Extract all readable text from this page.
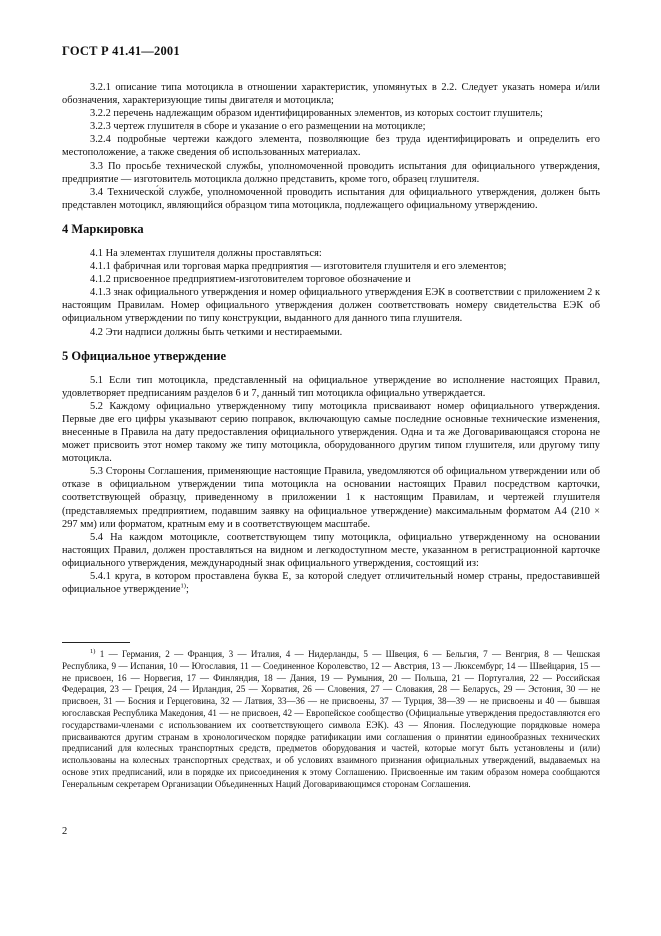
ГОСТ Р 41.41—2001

3.2.1 описание типа мотоцикла в отношении характеристик, упомянутых в 2.2. Следует указать номера и/или обозначения, характеризующие типы двигателя и мотоцикла;

3.2.2 перечень надлежащим образом идентифицированных элементов, из которых состоит глушитель;

3.2.3 чертеж глушителя в сборе и указание о его размещении на мотоцикле;

3.2.4 подробные чертежи каждого элемента, позволяющие без труда идентифицировать и определить его местоположение, а также сведения об использованных материалах.

3.3 По просьбе технической службы, уполномоченной проводить испытания для официального утверждения, предприятие — изготовитель мотоцикла должно представить, кроме того, образец глушителя.

3.4 Техническо́й службе, уполномоченной проводить испытания для официального утверждения, должен быть представлен мотоцикл, являющийся образцом типа мотоцикла, подлежащего официальному утверждению.

4 Маркировка

4.1 На элементах глушителя должны проставляться:

4.1.1 фабричная или торговая марка предприятия — изготовителя глушителя и его элементов;

4.1.2 присвоенное предприятием-изготовителем торговое обозначение и

4.1.3 знак официального утверждения и номер официального утверждения ЕЭК в соответствии с приложением 2 к настоящим Правилам. Номер официального утверждения должен соответствовать номеру свидетельства ЕЭК об официальном утверждении по типу конструкции, выданного для данного типа глушителя.

4.2 Эти надписи должны быть четкими и нестираемыми.

5 Официальное утверждение

5.1 Если тип мотоцикла, представленный на официальное утверждение во исполнение настоящих Правил, удовлетворяет предписаниям разделов 6 и 7, данный тип мотоцикла официально утверждается.

5.2 Каждому официально утвержденному типу мотоцикла присваивают номер официального утверждения. Первые две его цифры указывают серию поправок, включающую самые последние основные технические изменения, внесенные в Правила на дату предоставления официального утверждения. Одна и та же Договаривающаяся сторона не может присвоить этот номер такому же типу мотоцикла, оборудованного другим типом глушителя, или другому типу мотоцикла.

5.3 Стороны Соглашения, применяющие настоящие Правила, уведомляются об официальном утверждении или об отказе в официальном утверждении типа мотоцикла на основании настоящих Правил посредством карточки, соответствующей образцу, приведенному в приложении 1 к настоящим Правилам, и чертежей глушителя (представляемых предприятием, подавшим заявку на официальное утверждение) максимальным форматом А4 (210 × 297 мм) или форматом, кратным ему и в соответствующем масштабе.

5.4 На каждом мотоцикле, соответствующем типу мотоцикла, официально утвержденному на основании настоящих Правил, должен проставляться на видном и легкодоступном месте, указанном в регистрационной карточке официального утверждения, международный знак официального утверждения, состоящий из:

5.4.1 круга, в котором проставлена буква Е, за которой следует отличительный номер страны, предоставившей официальное утверждение$^{1)}$;

$^{1)}$ 1 — Германия, 2 — Франция, 3 — Италия, 4 — Нидерланды, 5 — Швеция, 6 — Бельгия, 7 — Венгрия, 8 — Чешская Республика, 9 — Испания, 10 — Югославия, 11 — Соединенное Королевство, 12 — Австрия, 13 — Люксембург, 14 — Швейцария, 15 — не присвоен, 16 — Норвегия, 17 — Финляндия, 18 — Дания, 19 — Румыния, 20 — Польша, 21 — Португалия, 22 — Российская Федерация, 23 — Греция, 24 — Ирландия, 25 — Хорватия, 26 — Словения, 27 — Словакия, 28 — Беларусь, 29 — Эстония, 30 — не присвоен, 31 — Босния и Герцеговина, 32 — Латвия, 33—36 — не присвоены, 37 — Турция, 38—39 — не присвоены и 40 — бывшая югославская Республика Македония, 41 — не присвоен, 42 — Европейское сообщество (Официальные утверждения предоставляются его государствами-членами с использованием их соответствующего символа ЕЭК). 43 — Япония. Последующие порядковые номера присваиваются другим странам в хронологическом порядке ратификации ими соглашения о принятии единообразных технических предписаний для колесных транспортных средств, предметов оборудования и частей, которые могут быть установлены и (или) использованы на колесных транспортных средствах, и об условиях взаимного признания официальных утверждений, выдаваемых на основе этих предписаний, или в порядке их присоединения к этому Соглашению. Присвоенные им таким образом номера сообщаются Генеральным секретарем Организации Объединенных Наций Договаривающимся сторонам Соглашения.

2
